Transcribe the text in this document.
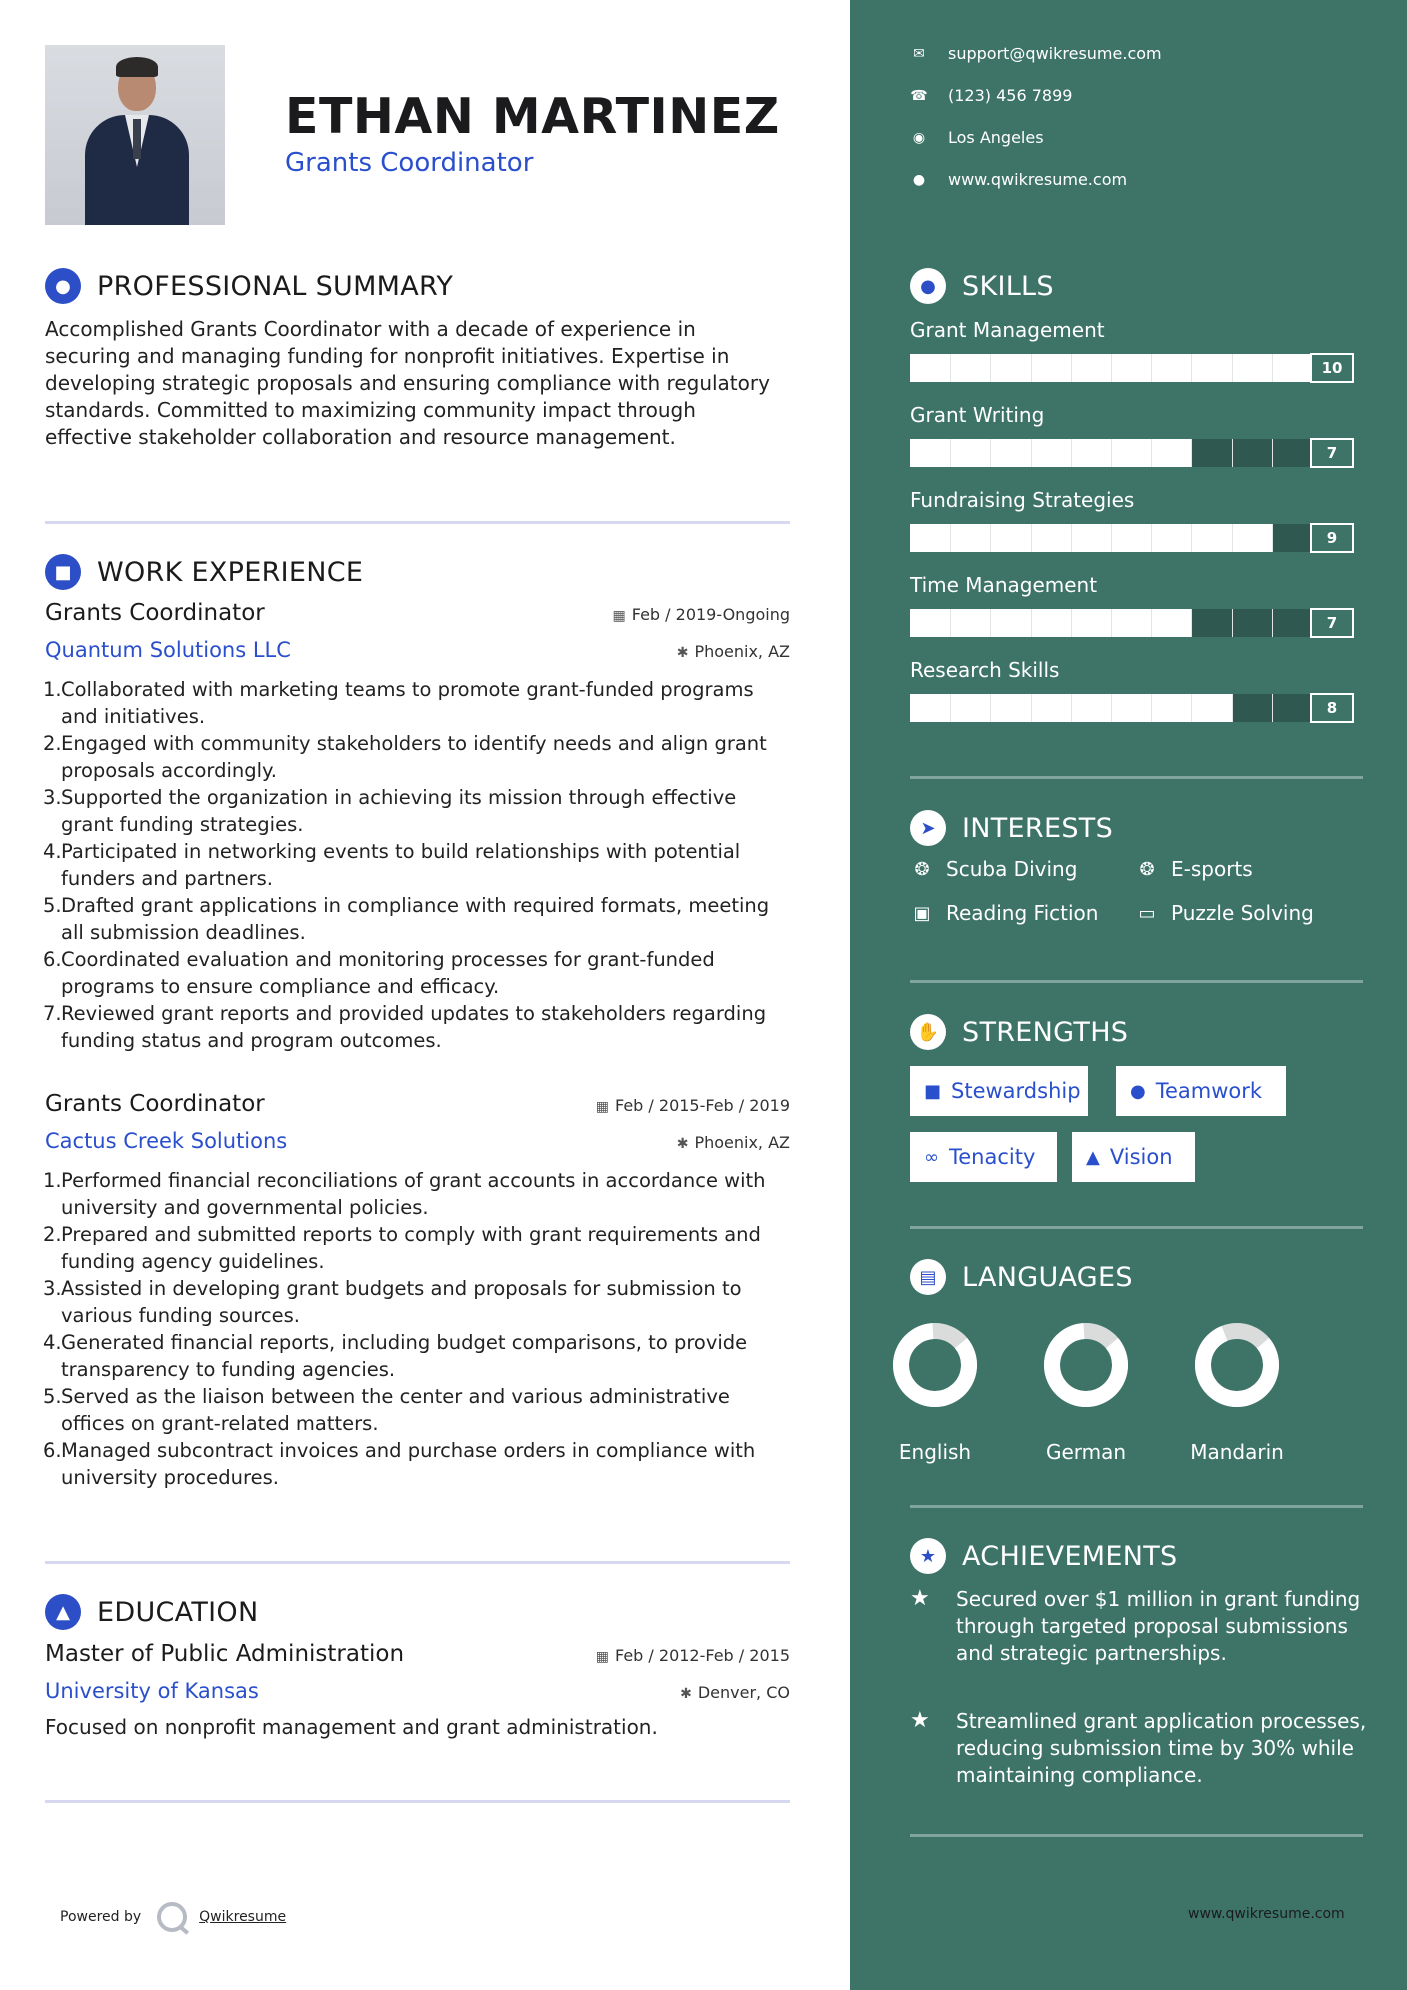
ETHAN MARTINEZ
Grants Coordinator
● PROFESSIONAL SUMMARY
Accomplished Grants Coordinator with a decade of experience in securing and managing funding for nonprofit initiatives. Expertise in developing strategic proposals and ensuring compliance with regulatory standards. Committed to maximizing community impact through effective stakeholder collaboration and resource management.
■ WORK EXPERIENCE
Grants Coordinator	▦ Feb / 2019-Ongoing
Quantum Solutions LLC	✱ Phoenix, AZ
1. Collaborated with marketing teams to promote grant-funded programs and initiatives.
2. Engaged with community stakeholders to identify needs and align grant proposals accordingly.
3. Supported the organization in achieving its mission through effective grant funding strategies.
4. Participated in networking events to build relationships with potential funders and partners.
5. Drafted grant applications in compliance with required formats, meeting all submission deadlines.
6. Coordinated evaluation and monitoring processes for grant-funded programs to ensure compliance and efficacy.
7. Reviewed grant reports and provided updates to stakeholders regarding funding status and program outcomes.
Grants Coordinator	▦ Feb / 2015-Feb / 2019
Cactus Creek Solutions	✱ Phoenix, AZ
1. Performed financial reconciliations of grant accounts in accordance with university and governmental policies.
2. Prepared and submitted reports to comply with grant requirements and funding agency guidelines.
3. Assisted in developing grant budgets and proposals for submission to various funding sources.
4. Generated financial reports, including budget comparisons, to provide transparency to funding agencies.
5. Served as the liaison between the center and various administrative offices on grant-related matters.
6. Managed subcontract invoices and purchase orders in compliance with university procedures.
▲	EDUCATION
Master of Public Administration	▦ Feb / 2012-Feb / 2015
University of Kansas	✱ Denver, CO
Focused on nonprofit management and grant administration.
Powered by	Qwikresume
✉ support@qwikresume.com
☎ (123) 456 7899
◉ Los Angeles
● www.qwikresume.com
● SKILLS
Grant Management
10
Grant Writing
7
Fundraising Strategies
9
Time Management
7
Research Skills
8
➤ INTERESTS
❂ Scuba Diving	❂ E-sports
▣ Reading Fiction ▭ Puzzle Solving
✋ STRENGTHS
■ Stewardship	● Teamwork
∞ Tenacity	▲ Vision
▤ LANGUAGES
English	German	Mandarin
★ ACHIEVEMENTS
★	Secured over $1 million in grant funding through targeted proposal submissions and strategic partnerships.
★	Streamlined grant application processes, reducing submission time by 30% while maintaining compliance.
www.qwikresume.com
